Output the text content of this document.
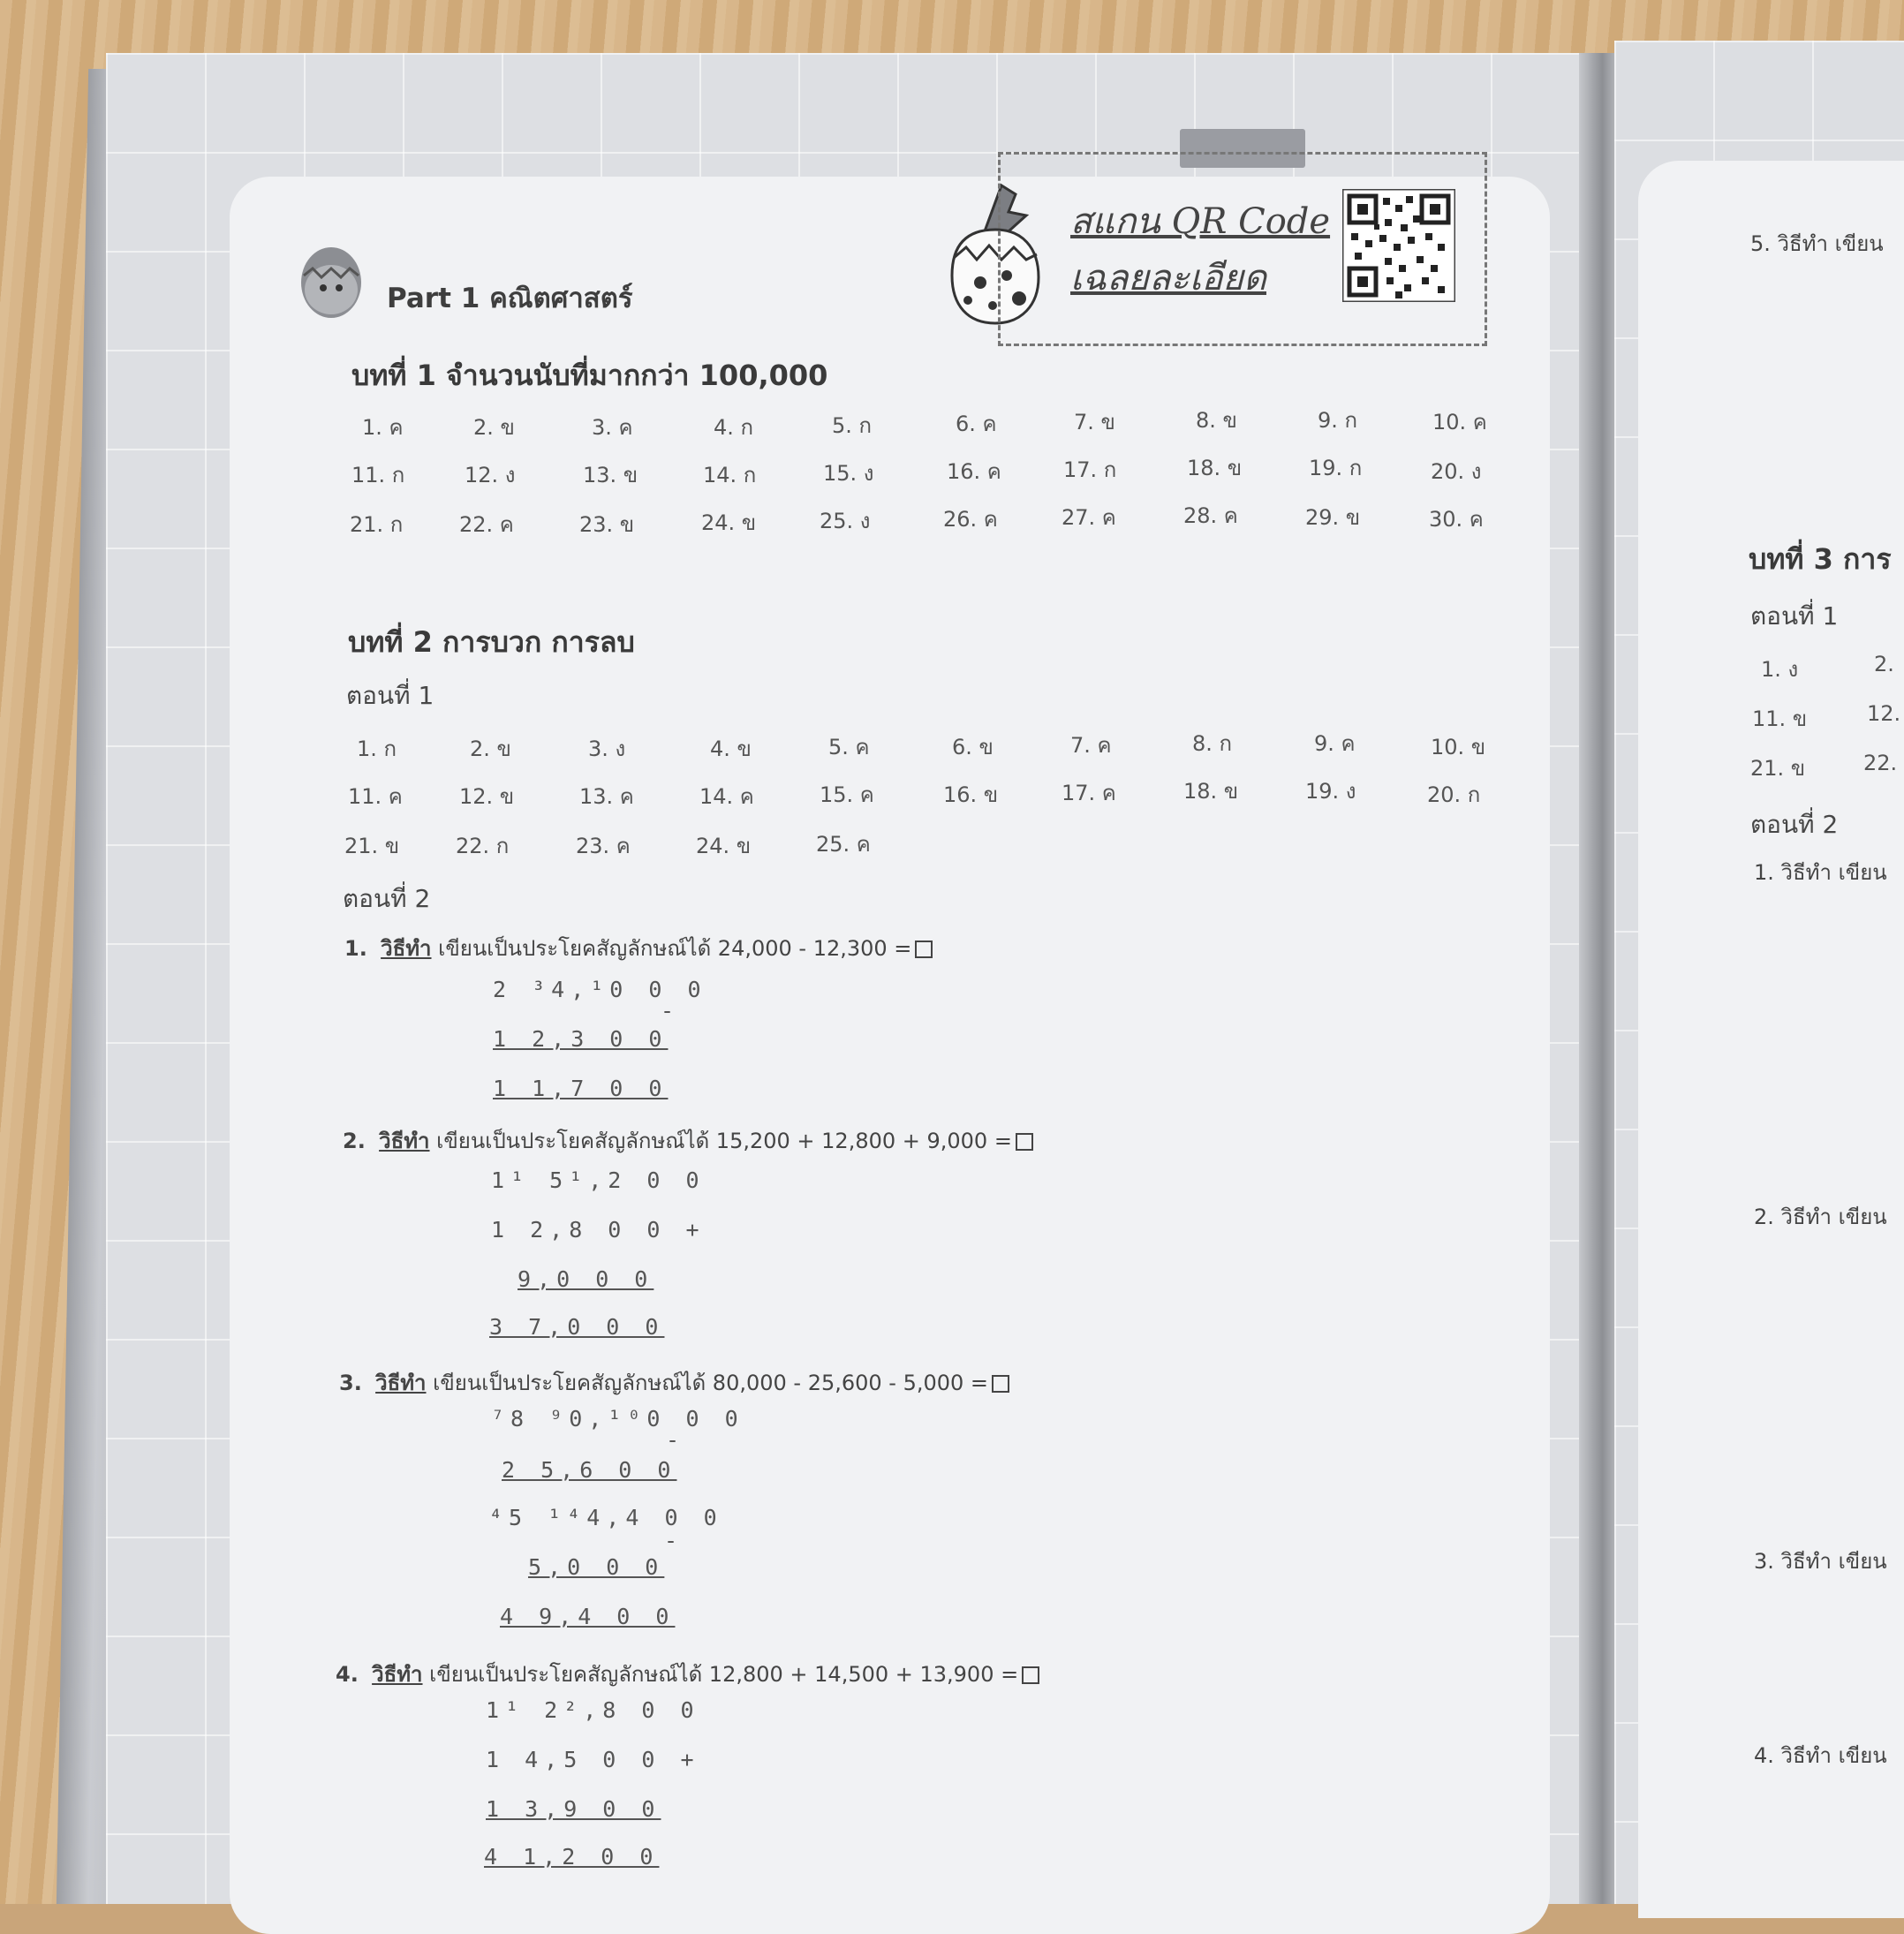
Part 1 คณิตศาสตร์
สแกน QR Code
เฉลยละเอียด
บทที่ 1 จำนวนนับที่มากกว่า 100,000
1. ค	2. ข	3. ค	4. ก	5. ก	6. ค	7. ข	8. ข	9. ก	10. ค
11. ก	12. ง	13. ข	14. ก	15. ง	16. ค	17. ก	18. ข	19. ก	20. ง
21. ก	22. ค	23. ข	24. ข	25. ง	26. ค	27. ค	28. ค	29. ข	30. ค
บทที่ 2 การบวก การลบ
ตอนที่ 1
1. ก	2. ข	3. ง	4. ข	5. ค	6. ข	7. ค	8. ก	9. ค	10. ข
11. ค	12. ข	13. ค	14. ค	15. ค	16. ข	17. ค	18. ข	19. ง	20. ก
21. ข	22. ก	23. ค	24. ข	25. ค
ตอนที่ 2
1. วิธีทำ เขียนเป็นประโยคสัญลักษณ์ได้ 24,000 - 12,300 =
2 ³4,¹0 0 0
-
1 2,3 0 0
1 1,7 0 0
2. วิธีทำ เขียนเป็นประโยคสัญลักษณ์ได้ 15,200 + 12,800 + 9,000 =
1¹ 5¹,2 0 0
1 2,8 0 0 +
9,0 0 0
3 7,0 0 0
3. วิธีทำ เขียนเป็นประโยคสัญลักษณ์ได้ 80,000 - 25,600 - 5,000 =
⁷8 ⁹0,¹⁰0 0 0
-
2 5,6 0 0
⁴5 ¹⁴4,4 0 0
-
5,0 0 0
4 9,4 0 0
4. วิธีทำ เขียนเป็นประโยคสัญลักษณ์ได้ 12,800 + 14,500 + 13,900 =
1¹ 2²,8 0 0
1 4,5 0 0 +
1 3,9 0 0
4 1,2 0 0
5. วิธีทำ เขียน
บทที่ 3 การ
ตอนที่ 1
1. ง	2.
11. ข	12.
21. ข	22.
ตอนที่ 2
1. วิธีทำ เขียน
2. วิธีทำ เขียน
3. วิธีทำ เขียน
4. วิธีทำ เขียน
